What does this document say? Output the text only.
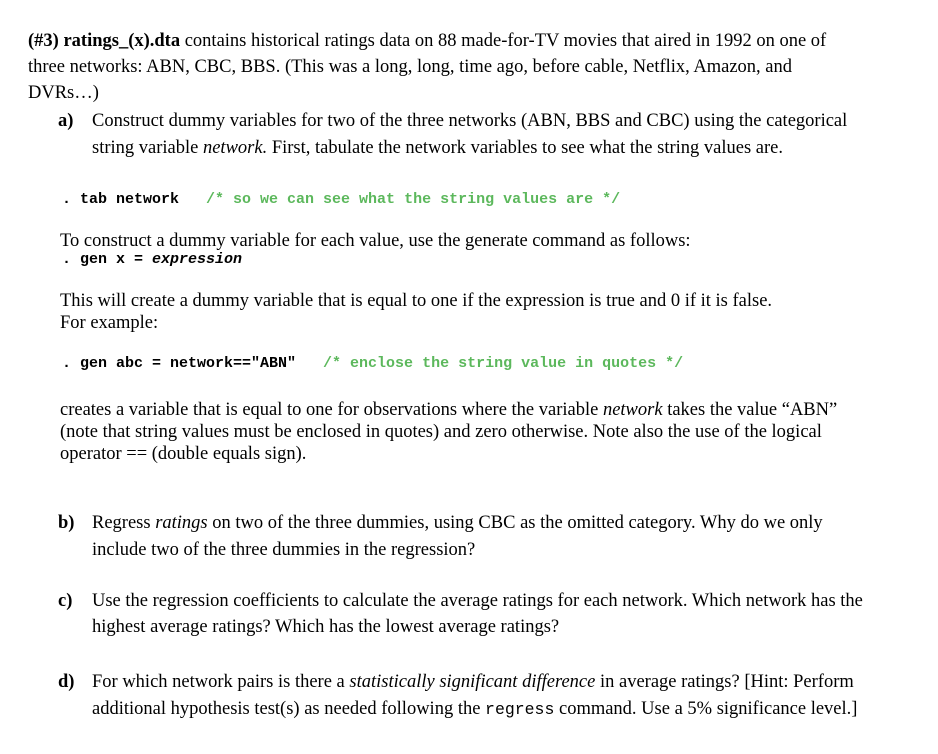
(#3) ratings_(x).dta contains historical ratings data on 88 made-for-TV movies that aired in 1992 on one of
three networks: ABN, CBC, BBS. (This was a long, long, time ago, before cable, Netflix, Amazon, and
DVRs…)
a) Construct dummy variables for two of the three networks (ABN, BBS and CBC) using the categorical
string variable network. First, tabulate the network variables to see what the string values are.
. tab network   /* so we can see what the string values are */
To construct a dummy variable for each value, use the generate command as follows:
. gen x = expression
This will create a dummy variable that is equal to one if the expression is true and 0 if it is false.
For example:
. gen abc = network=="ABN"   /* enclose the string value in quotes */
creates a variable that is equal to one for observations where the variable network takes the value “ABN”
(note that string values must be enclosed in quotes) and zero otherwise. Note also the use of the logical
operator == (double equals sign).
b) Regress ratings on two of the three dummies, using CBC as the omitted category. Why do we only
include two of the three dummies in the regression?
c) Use the regression coefficients to calculate the average ratings for each network. Which network has the
highest average ratings? Which has the lowest average ratings?
d) For which network pairs is there a statistically significant difference in average ratings? [Hint: Perform
additional hypothesis test(s) as needed following the regress command. Use a 5% significance level.]
